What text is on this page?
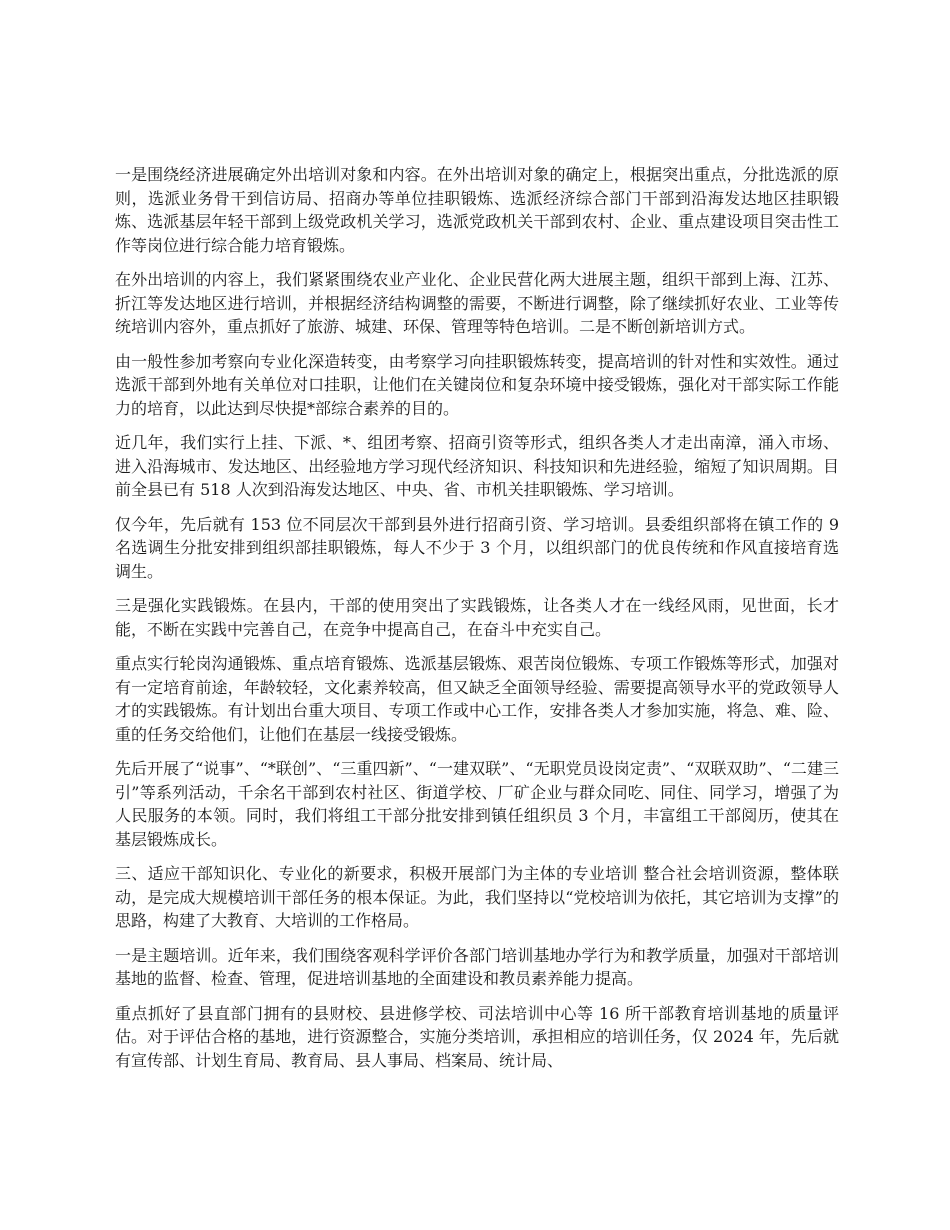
一是围绕经济进展确定外出培训对象和内容。在外出培训对象的确定上，根据突出重点，分批选派的原则，选派业务骨干到信访局、招商办等单位挂职锻炼、选派经济综合部门干部到沿海发达地区挂职锻炼、选派基层年轻干部到上级党政机关学习，选派党政机关干部到农村、企业、重点建设项目突击性工作等岗位进行综合能力培育锻炼。

在外出培训的内容上，我们紧紧围绕农业产业化、企业民营化两大进展主题，组织干部到上海、江苏、折江等发达地区进行培训，并根据经济结构调整的需要，不断进行调整，除了继续抓好农业、工业等传统培训内容外，重点抓好了旅游、城建、环保、管理等特色培训。二是不断创新培训方式。

由一般性参加考察向专业化深造转变，由考察学习向挂职锻炼转变，提高培训的针对性和实效性。通过选派干部到外地有关单位对口挂职，让他们在关键岗位和复杂环境中接受锻炼，强化对干部实际工作能力的培育，以此达到尽快提*部综合素养的目的。

近几年，我们实行上挂、下派、*、组团考察、招商引资等形式，组织各类人才走出南漳，涌入市场、进入沿海城市、发达地区、出经验地方学习现代经济知识、科技知识和先进经验，缩短了知识周期。目前全县已有 518 人次到沿海发达地区、中央、省、市机关挂职锻炼、学习培训。

仅今年，先后就有 153 位不同层次干部到县外进行招商引资、学习培训。县委组织部将在镇工作的 9 名选调生分批安排到组织部挂职锻炼，每人不少于 3 个月，以组织部门的优良传统和作风直接培育选调生。

三是强化实践锻炼。在县内，干部的使用突出了实践锻炼，让各类人才在一线经风雨，见世面，长才能，不断在实践中完善自己，在竞争中提高自己，在奋斗中充实自己。

重点实行轮岗沟通锻炼、重点培育锻炼、选派基层锻炼、艰苦岗位锻炼、专项工作锻炼等形式，加强对有一定培育前途，年龄较轻，文化素养较高，但又缺乏全面领导经验、需要提高领导水平的党政领导人才的实践锻炼。有计划出台重大项目、专项工作或中心工作，安排各类人才参加实施，将急、难、险、重的任务交给他们，让他们在基层一线接受锻炼。

先后开展了“说事”、“*联创”、“三重四新”、“一建双联”、“无职党员设岗定责”、“双联双助”、“二建三引”等系列活动，千余名干部到农村社区、街道学校、厂矿企业与群众同吃、同住、同学习，增强了为人民服务的本领。同时，我们将组工干部分批安排到镇任组织员 3 个月，丰富组工干部阅历，使其在基层锻炼成长。

三、适应干部知识化、专业化的新要求，积极开展部门为主体的专业培训 整合社会培训资源，整体联动，是完成大规模培训干部任务的根本保证。为此，我们坚持以“党校培训为依托，其它培训为支撑”的思路，构建了大教育、大培训的工作格局。

一是主题培训。近年来，我们围绕客观科学评价各部门培训基地办学行为和教学质量，加强对干部培训基地的监督、检查、管理，促进培训基地的全面建设和教员素养能力提高。

重点抓好了县直部门拥有的县财校、县进修学校、司法培训中心等 16 所干部教育培训基地的质量评估。对于评估合格的基地，进行资源整合，实施分类培训，承担相应的培训任务，仅 2024 年，先后就有宣传部、计划生育局、教育局、县人事局、档案局、统计局、
